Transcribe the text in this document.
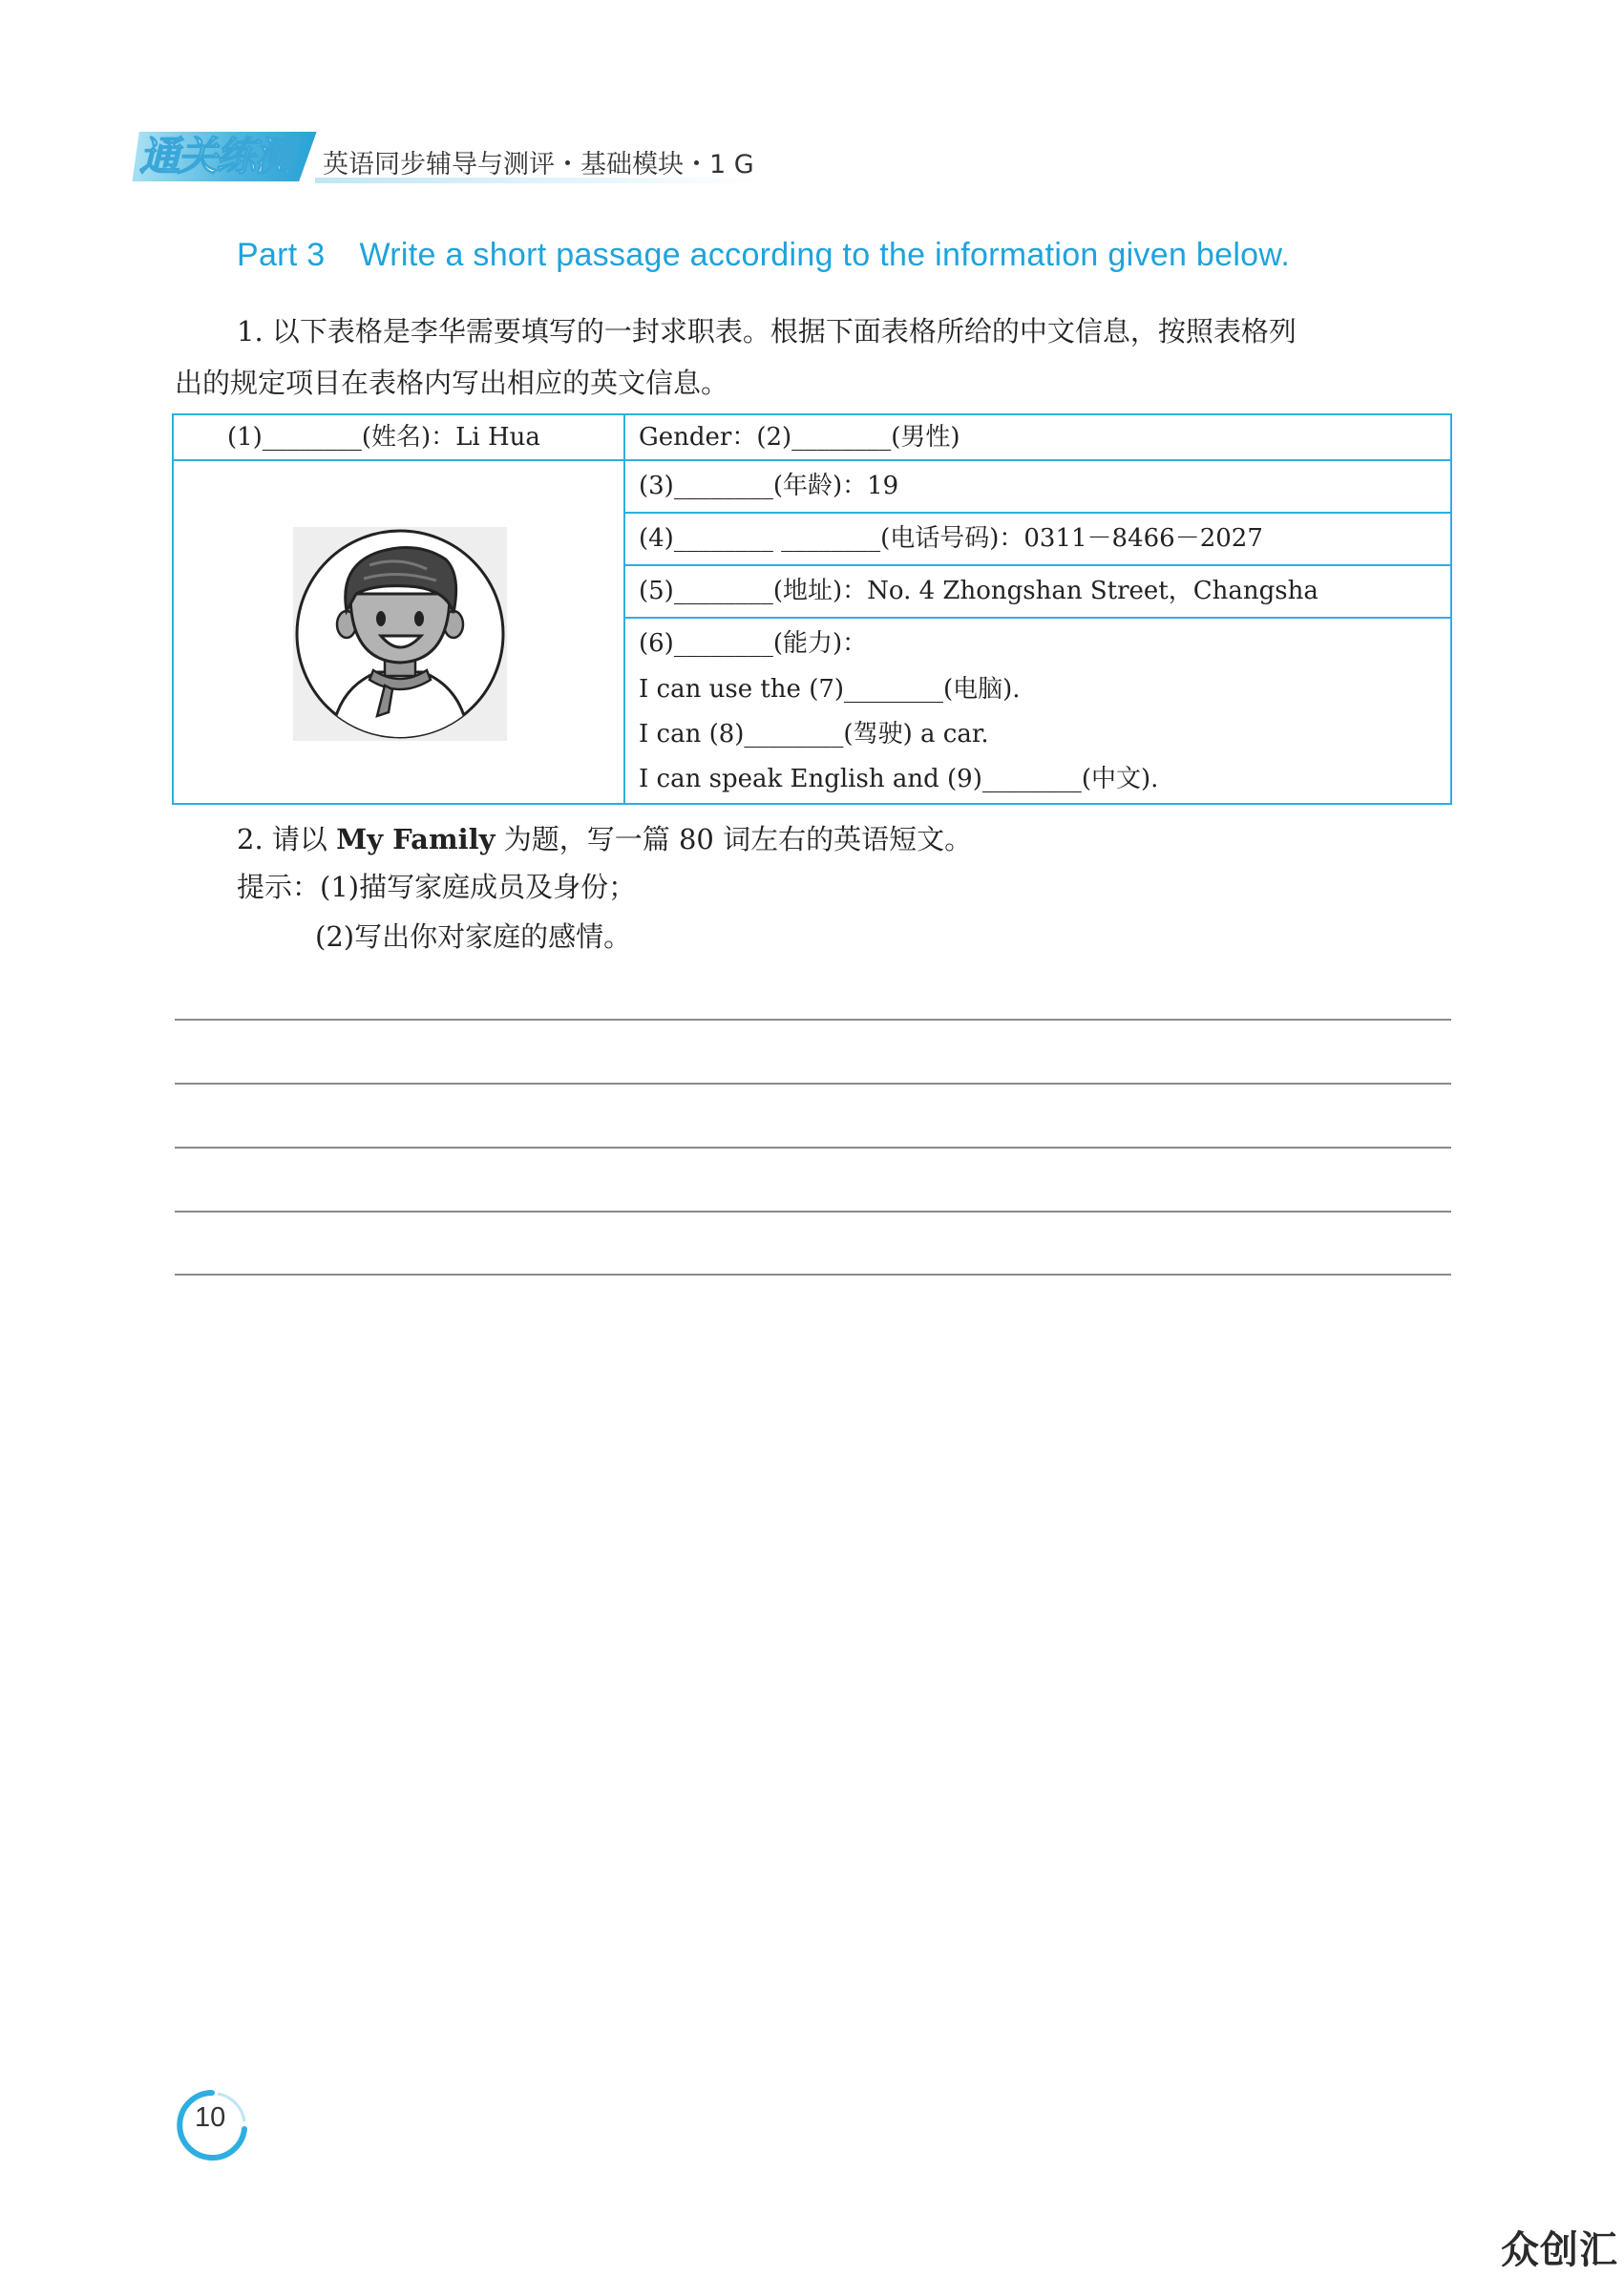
通关练测	英语同步辅导与测评・基础模块・1 G
Part 3 Write a short passage according to the information given below.
1. 以下表格是李华需要填写的一封求职表。根据下面表格所给的中文信息，按照表格列
出的规定项目在表格内写出相应的英文信息。
(1)________(姓名)：Li Hua	Gender：(2)________(男性)
(3)________(年龄)：19
(4)________ ________(电话号码)：0311－8466－2027
(5)________(地址)：No. 4 Zhongshan Street，Changsha
(6)________(能力)：
I can use the (7)________(电脑).
I can (8)________(驾驶) a car.
I can speak English and (9)________(中文).
2. 请以 My Family 为题，写一篇 80 词左右的英语短文。
提示：(1)描写家庭成员及身份；
(2)写出你对家庭的感情。
10
众创汇
